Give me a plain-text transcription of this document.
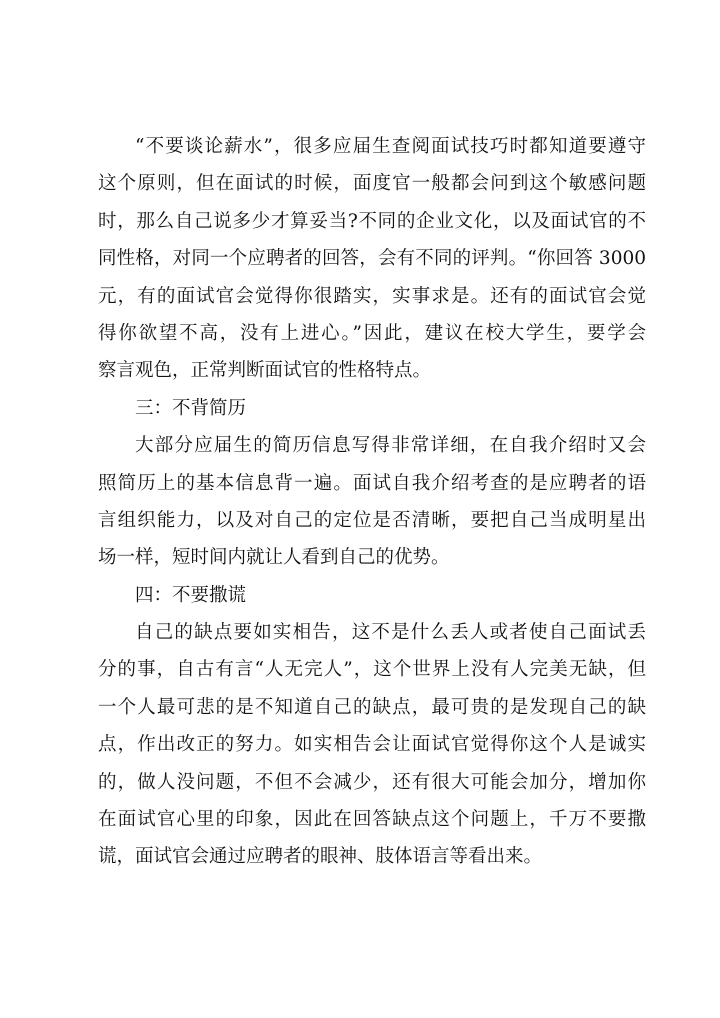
“不要谈论薪水”，很多应届生查阅面试技巧时都知道要遵守
这个原则，但在面试的时候，面度官一般都会问到这个敏感问题
时，那么自己说多少才算妥当?不同的企业文化，以及面试官的不
同性格，对同一个应聘者的回答，会有不同的评判。“你回答 3000
元，有的面试官会觉得你很踏实，实事求是。还有的面试官会觉
得你欲望不高，没有上进心。”因此，建议在校大学生，要学会
察言观色，正常判断面试官的性格特点。
三：不背简历
大部分应届生的简历信息写得非常详细，在自我介绍时又会
照简历上的基本信息背一遍。面试自我介绍考查的是应聘者的语
言组织能力，以及对自己的定位是否清晰，要把自己当成明星出
场一样，短时间内就让人看到自己的优势。
四：不要撒谎
自己的缺点要如实相告，这不是什么丢人或者使自己面试丢
分的事，自古有言“人无完人”，这个世界上没有人完美无缺，但
一个人最可悲的是不知道自己的缺点，最可贵的是发现自己的缺
点，作出改正的努力。如实相告会让面试官觉得你这个人是诚实
的，做人没问题，不但不会减少，还有很大可能会加分，增加你
在面试官心里的印象，因此在回答缺点这个问题上，千万不要撒
谎，面试官会通过应聘者的眼神、肢体语言等看出来。
